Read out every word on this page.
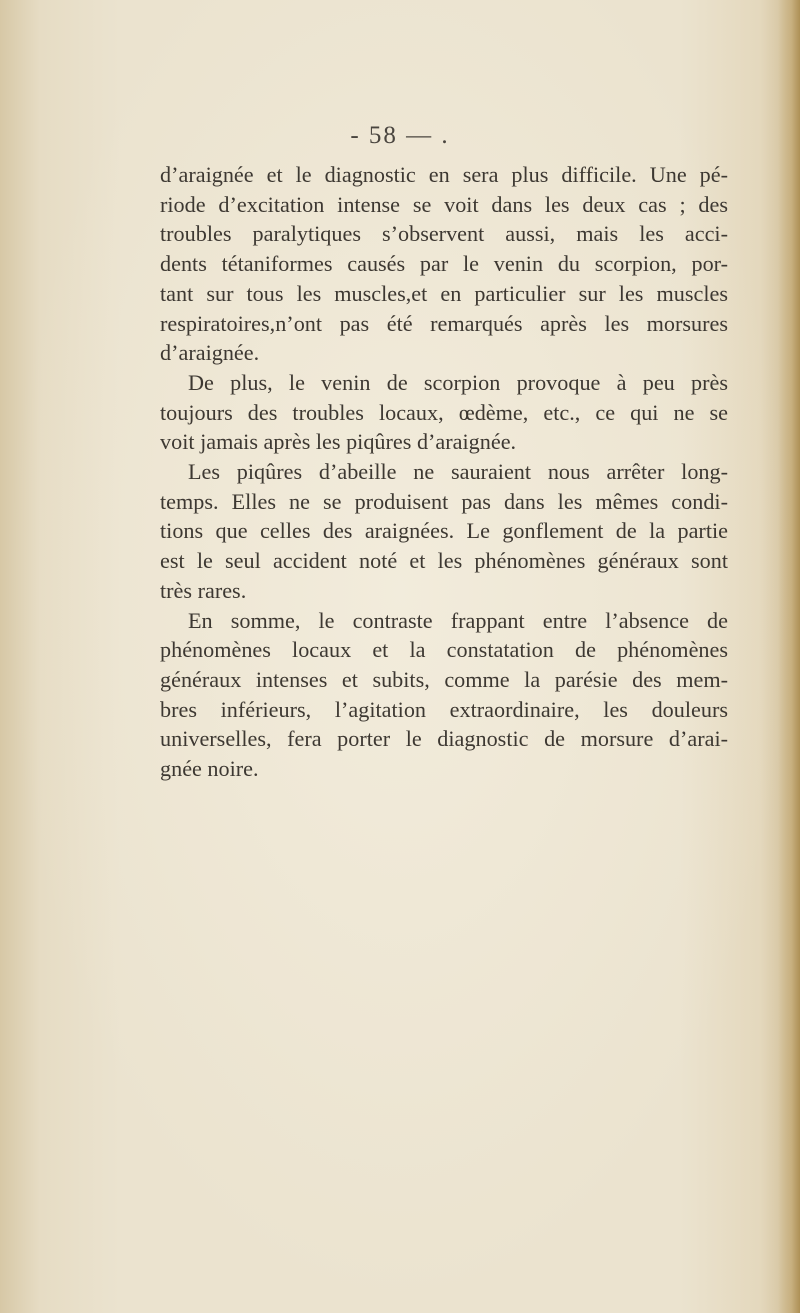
- 58 — .

d’araignée et le diagnostic en sera plus difficile. Une pé-
riode d’excitation intense se voit dans les deux cas ; des
troubles paralytiques s’observent aussi, mais les acci-
dents tétaniformes causés par le venin du scorpion, por-
tant sur tous les muscles,et en particulier sur les muscles
respiratoires,n’ont pas été remarqués après les morsures
d’araignée.

De plus, le venin de scorpion provoque à peu près
toujours des troubles locaux, œdème, etc., ce qui ne se
voit jamais après les piqûres d’araignée.

Les piqûres d’abeille ne sauraient nous arrêter long-
temps. Elles ne se produisent pas dans les mêmes condi-
tions que celles des araignées. Le gonflement de la partie
est le seul accident noté et les phénomènes généraux sont
très rares.

En somme, le contraste frappant entre l’absence de
phénomènes locaux et la constatation de phénomènes
généraux intenses et subits, comme la parésie des mem-
bres inférieurs, l’agitation extraordinaire, les douleurs
universelles, fera porter le diagnostic de morsure d’arai-
gnée noire.
